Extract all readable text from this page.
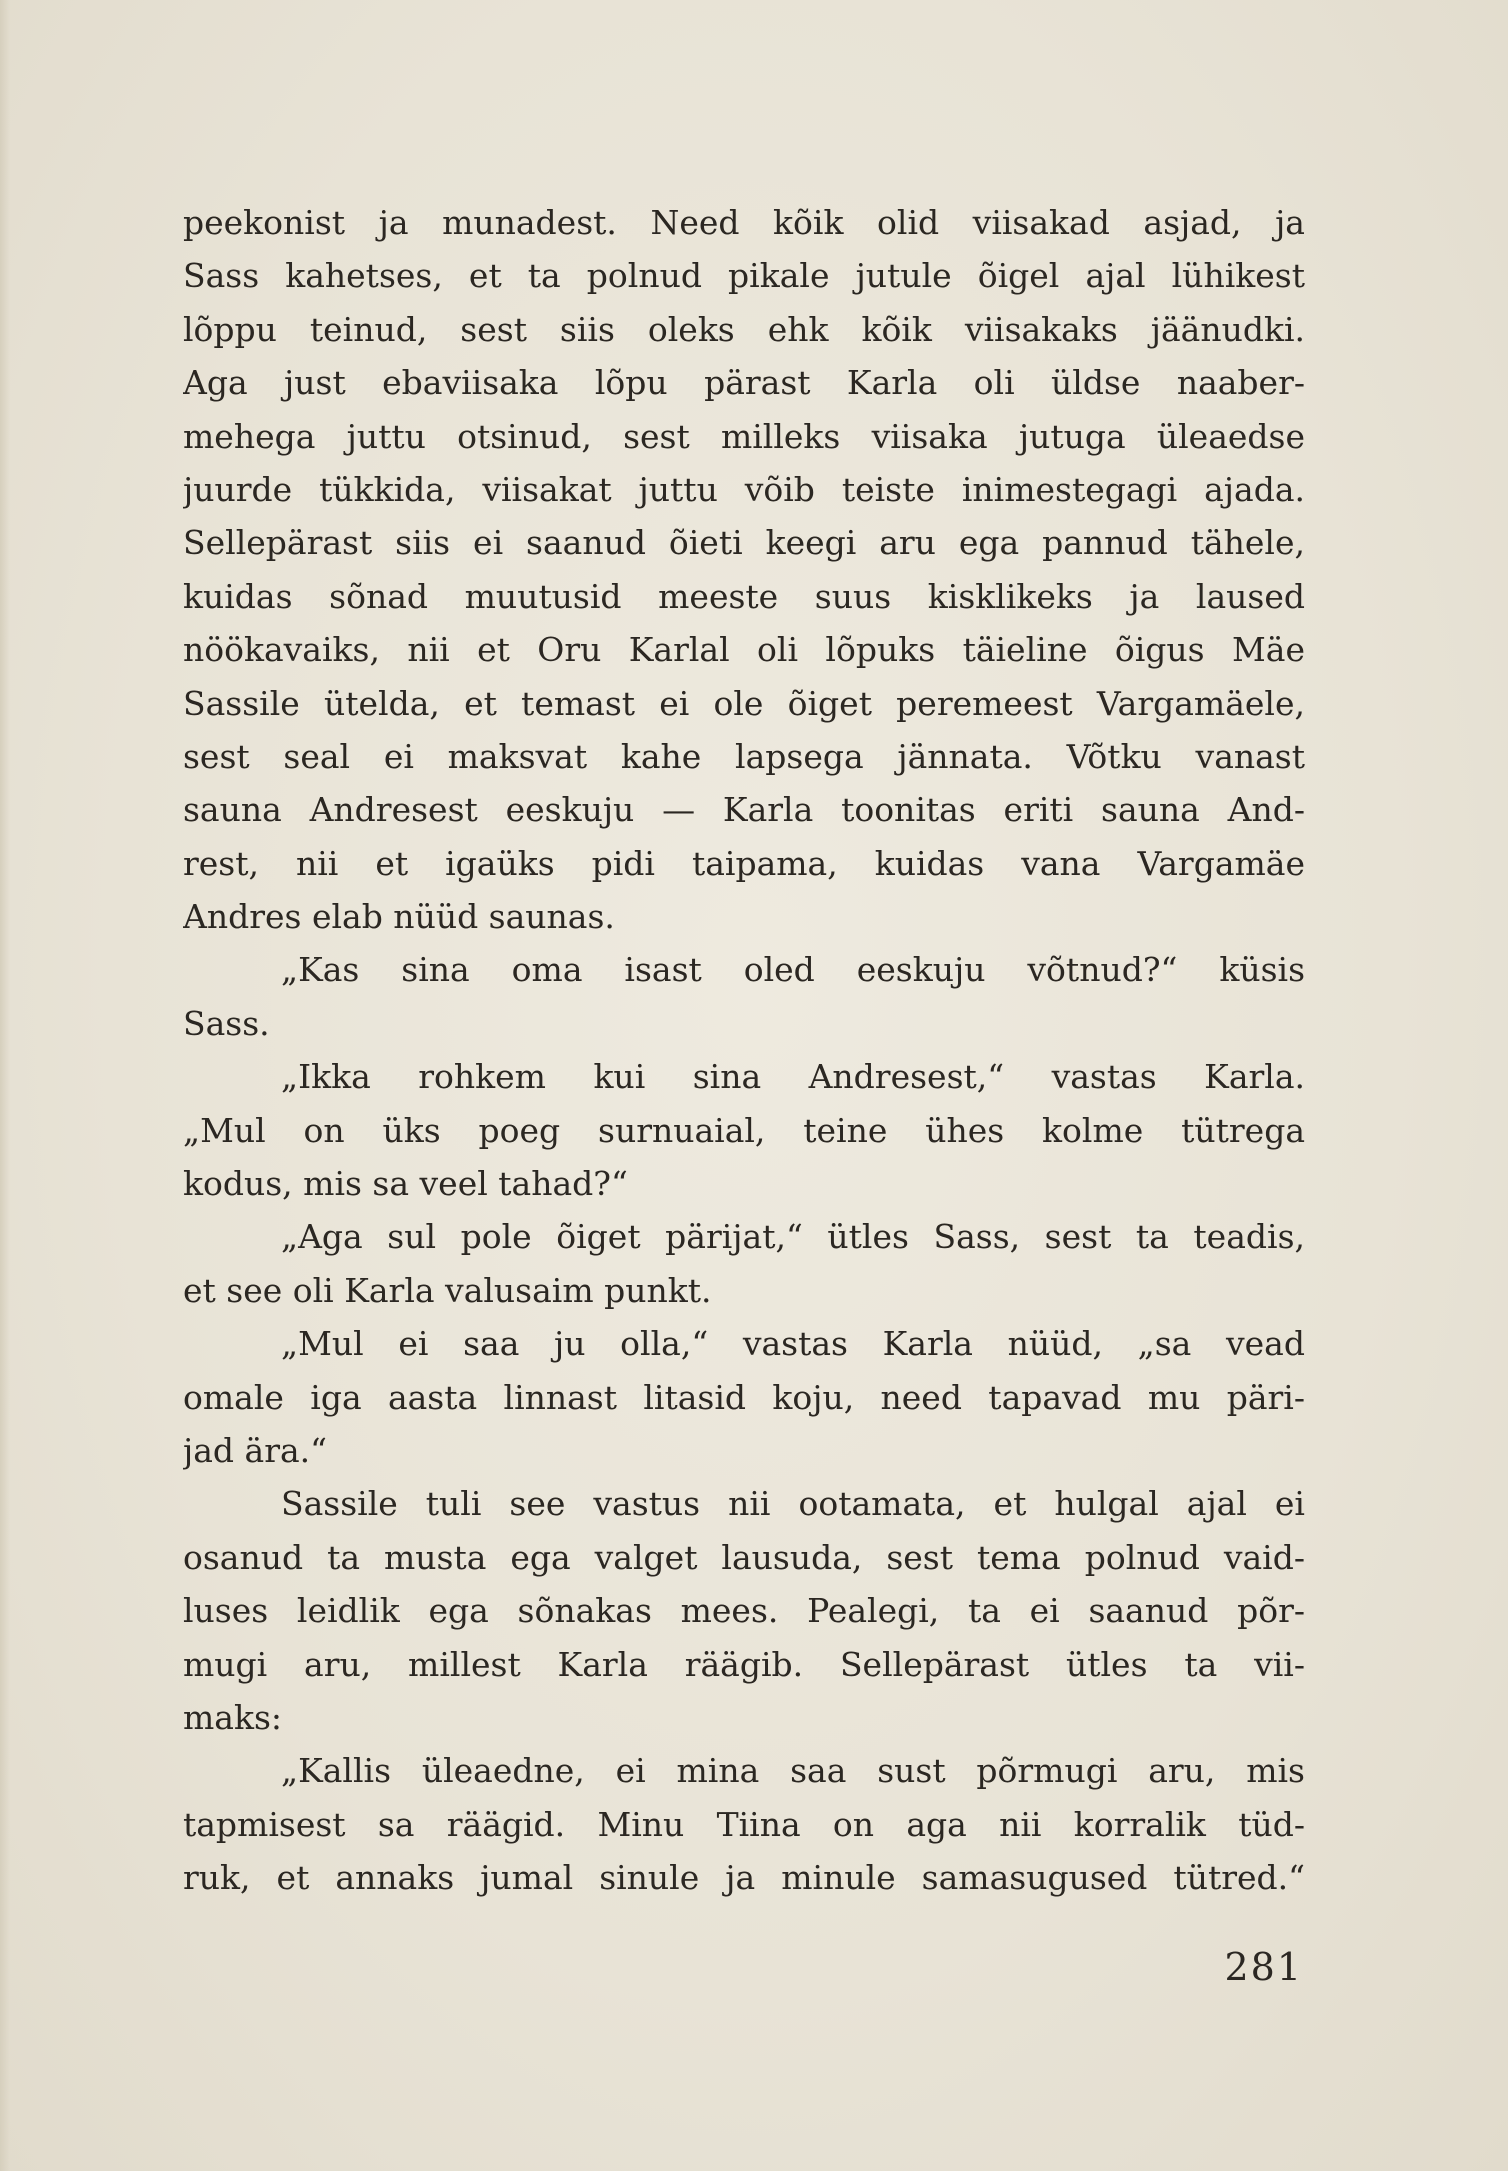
peekonist ja munadest. Need kõik olid viisakad asjad, ja
Sass kahetses, et ta polnud pikale jutule õigel ajal lühikest
lõppu teinud, sest siis oleks ehk kõik viisakaks jäänudki.
Aga just ebaviisaka lõpu pärast Karla oli üldse naaber-
mehega juttu otsinud, sest milleks viisaka jutuga üleaedse
juurde tükkida, viisakat juttu võib teiste inimestegagi ajada.
Sellepärast siis ei saanud õieti keegi aru ega pannud tähele,
kuidas sõnad muutusid meeste suus kisklikeks ja laused
nöökavaiks, nii et Oru Karlal oli lõpuks täieline õigus Mäe
Sassile ütelda, et temast ei ole õiget peremeest Vargamäele,
sest seal ei maksvat kahe lapsega jännata. Võtku vanast
sauna Andresest eeskuju — Karla toonitas eriti sauna And-
rest, nii et igaüks pidi taipama, kuidas vana Vargamäe
Andres elab nüüd saunas.
„Kas sina oma isast oled eeskuju võtnud?“ küsis
Sass.
„Ikka rohkem kui sina Andresest,“ vastas Karla.
„Mul on üks poeg surnuaial, teine ühes kolme tütrega
kodus, mis sa veel tahad?“
„Aga sul pole õiget pärijat,“ ütles Sass, sest ta teadis,
et see oli Karla valusaim punkt.
„Mul ei saa ju olla,“ vastas Karla nüüd, „sa vead
omale iga aasta linnast litasid koju, need tapavad mu päri-
jad ära.“
Sassile tuli see vastus nii ootamata, et hulgal ajal ei
osanud ta musta ega valget lausuda, sest tema polnud vaid-
luses leidlik ega sõnakas mees. Pealegi, ta ei saanud põr-
mugi aru, millest Karla räägib. Sellepärast ütles ta vii-
maks:
„Kallis üleaedne, ei mina saa sust põrmugi aru, mis
tapmisest sa räägid. Minu Tiina on aga nii korralik tüd-
ruk, et annaks jumal sinule ja minule samasugused tütred.“
281
